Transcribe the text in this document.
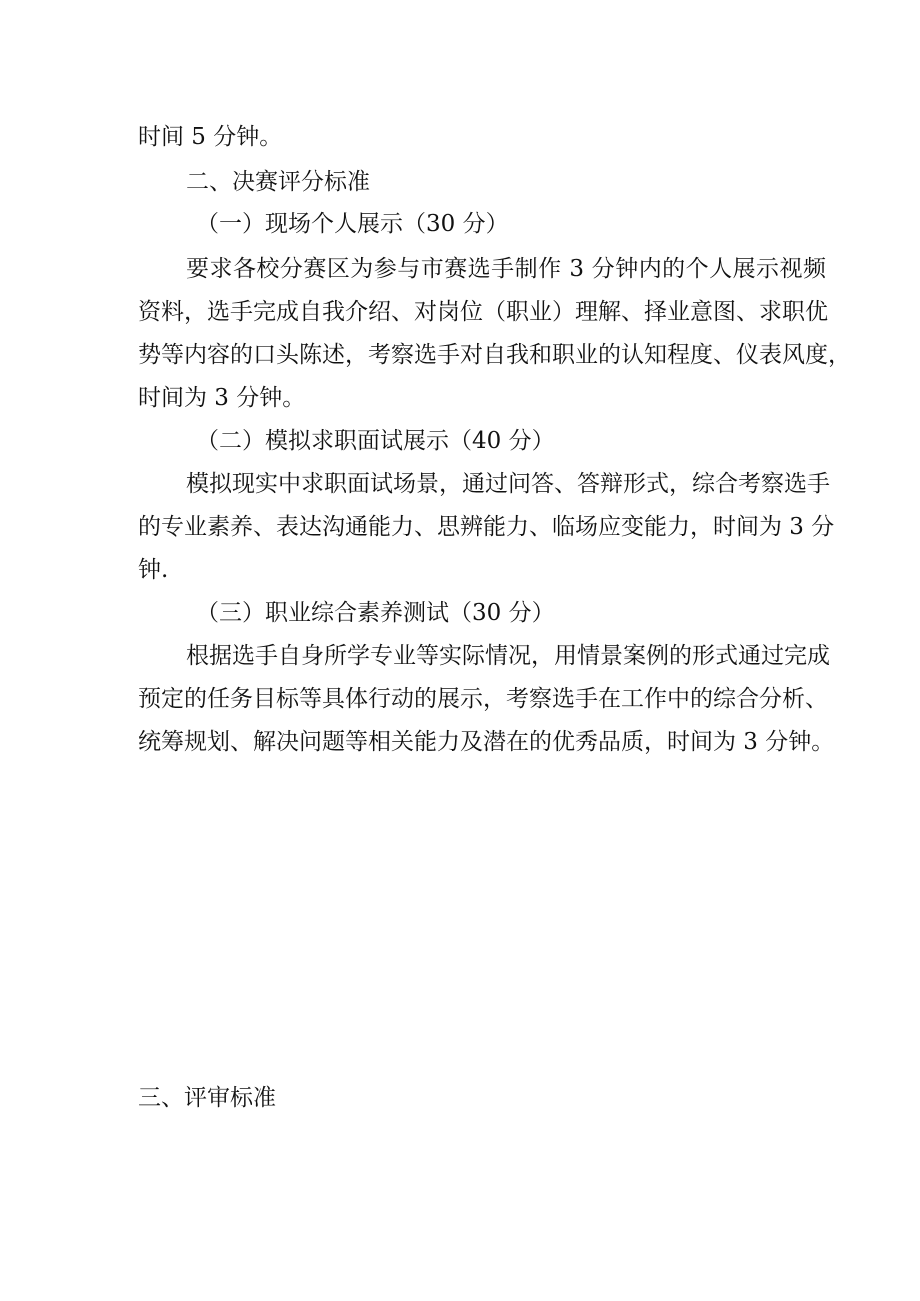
时间 5 分钟。

二、决赛评分标准

（一）现场个人展示（30 分）

要求各校分赛区为参与市赛选手制作 3 分钟内的个人展示视频

资料，选手完成自我介绍、对岗位（职业）理解、择业意图、求职优

势等内容的口头陈述，考察选手对自我和职业的认知程度、仪表风度，

时间为 3 分钟。

（二）模拟求职面试展示（40 分）

模拟现实中求职面试场景，通过问答、答辩形式，综合考察选手

的专业素养、表达沟通能力、思辨能力、临场应变能力，时间为 3 分

钟.

（三）职业综合素养测试（30 分）

根据选手自身所学专业等实际情况，用情景案例的形式通过完成

预定的任务目标等具体行动的展示，考察选手在工作中的综合分析、

统筹规划、解决问题等相关能力及潜在的优秀品质，时间为 3 分钟。

三、评审标准
